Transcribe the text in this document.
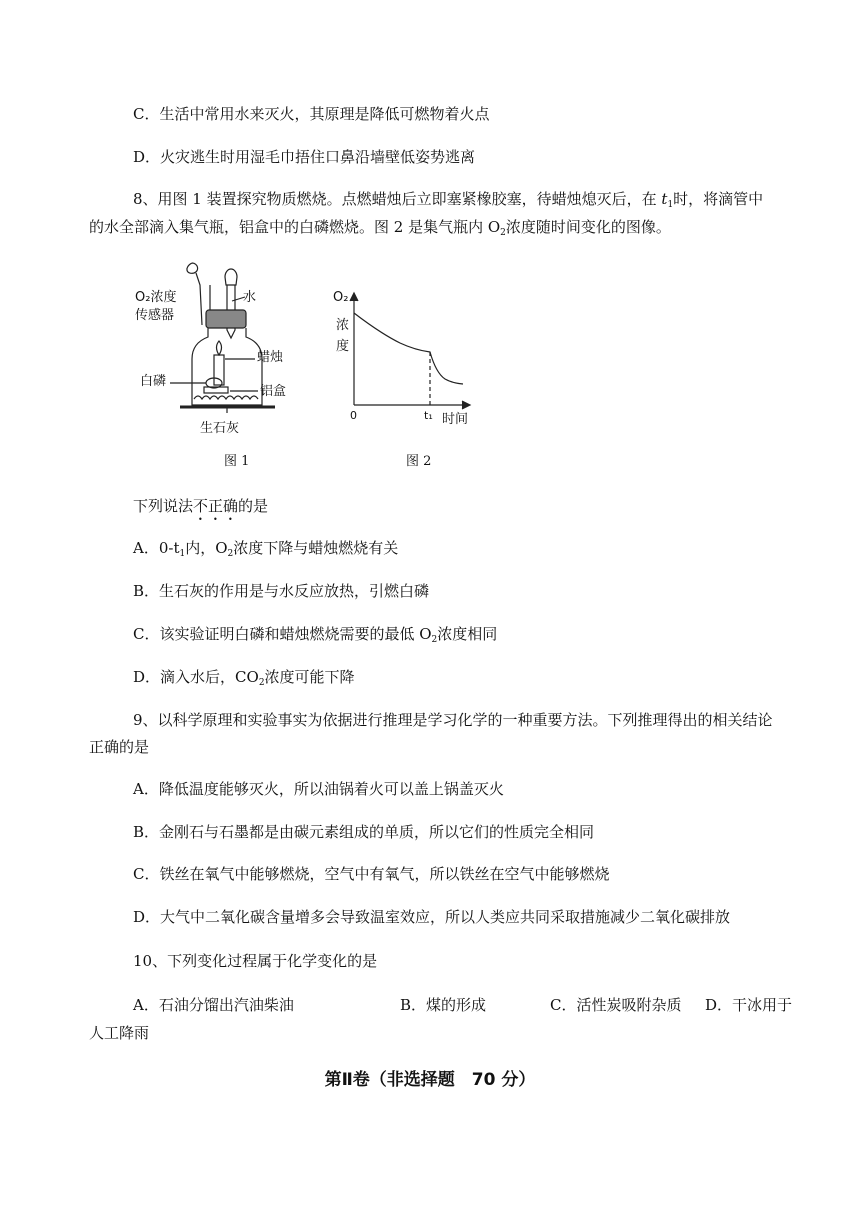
C．生活中常用水来灭火，其原理是降低可燃物着火点
D．火灾逃生时用湿毛巾捂住口鼻沿墙壁低姿势逃离
8、用图 1 装置探究物质燃烧。点燃蜡烛后立即塞紧橡胶塞，待蜡烛熄灭后，在 $t_1$时，将滴管中
的水全部滴入集气瓶，铝盒中的白磷燃烧。图 2 是集气瓶内 $O_2$浓度随时间变化的图像。
O₂浓度
传感器
水
蜡烛
白磷
铝盒
生石灰
图 1
O₂
浓
度
0	t₁ 时间
图 2
下列说法不正确的是
A．$0-t_1$内，$O_2$浓度下降与蜡烛燃烧有关
B．生石灰的作用是与水反应放热，引燃白磷
C．该实验证明白磷和蜡烛燃烧需要的最低 $O_2$浓度相同
D．滴入水后，$CO_2$浓度可能下降
9、以科学原理和实验事实为依据进行推理是学习化学的一种重要方法。下列推理得出的相关结论
正确的是
A．降低温度能够灭火，所以油锅着火可以盖上锅盖灭火
B．金刚石与石墨都是由碳元素组成的单质，所以它们的性质完全相同
C．铁丝在氧气中能够燃烧，空气中有氧气，所以铁丝在空气中能够燃烧
D．大气中二氧化碳含量增多会导致温室效应，所以人类应共同采取措施减少二氧化碳排放
10、下列变化过程属于化学变化的是
A．石油分馏出汽油柴油	B．煤的形成	C．活性炭吸附杂质 D．干冰用于
人工降雨
第Ⅱ卷（非选择题　70 分）
